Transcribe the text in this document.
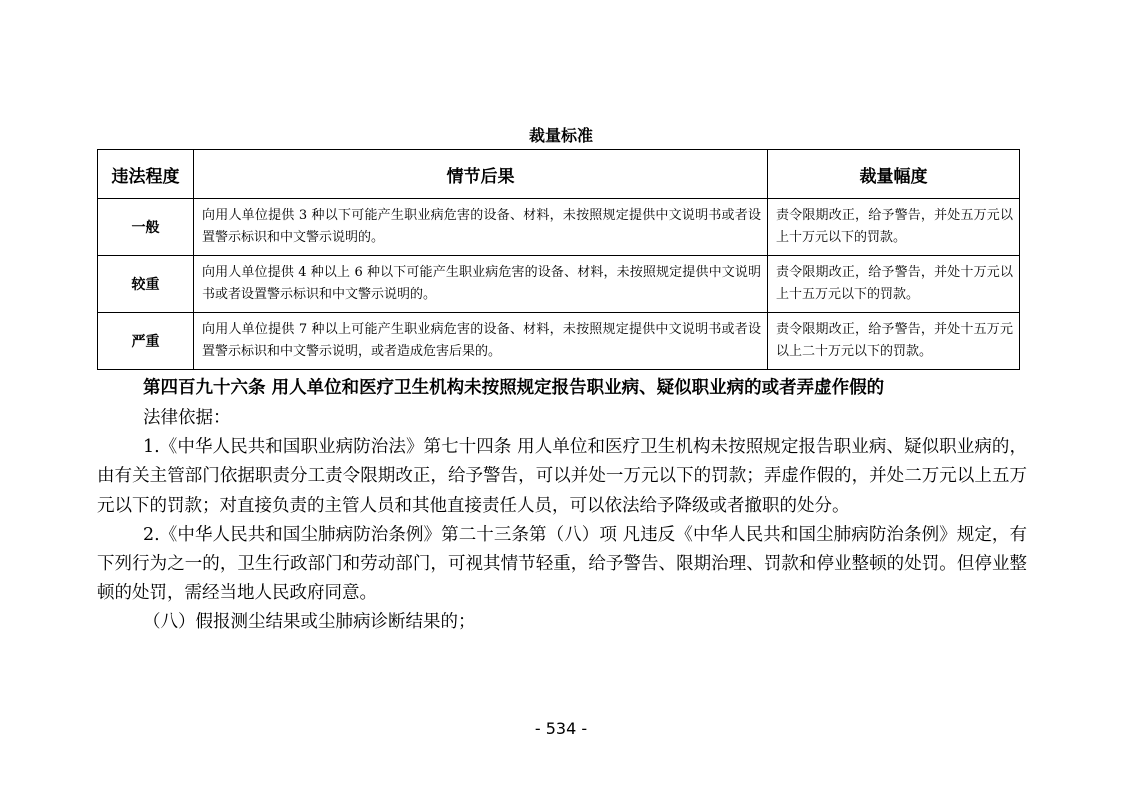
裁量标准
违法程度	情节后果	裁量幅度
一般	向用人单位提供 3 种以下可能产生职业病危害的设备、材料，未按照规定提供中文说明书或者设置警示标识和中文警示说明的。	责令限期改正，给予警告，并处五万元以上十万元以下的罚款。
较重	向用人单位提供 4 种以上 6 种以下可能产生职业病危害的设备、材料，未按照规定提供中文说明书或者设置警示标识和中文警示说明的。	责令限期改正，给予警告，并处十万元以上十五万元以下的罚款。
严重	向用人单位提供 7 种以上可能产生职业病危害的设备、材料，未按照规定提供中文说明书或者设置警示标识和中文警示说明，或者造成危害后果的。	责令限期改正，给予警告，并处十五万元以上二十万元以下的罚款。
第四百九十六条 用人单位和医疗卫生机构未按照规定报告职业病、疑似职业病的或者弄虚作假的

法律依据：

1.《中华人民共和国职业病防治法》第七十四条 用人单位和医疗卫生机构未按照规定报告职业病、疑似职业病的，由有关主管部门依据职责分工责令限期改正，给予警告，可以并处一万元以下的罚款；弄虚作假的，并处二万元以上五万元以下的罚款；对直接负责的主管人员和其他直接责任人员，可以依法给予降级或者撤职的处分。

2.《中华人民共和国尘肺病防治条例》第二十三条第（八）项 凡违反《中华人民共和国尘肺病防治条例》规定，有下列行为之一的，卫生行政部门和劳动部门，可视其情节轻重，给予警告、限期治理、罚款和停业整顿的处罚。但停业整顿的处罚，需经当地人民政府同意。

（八）假报测尘结果或尘肺病诊断结果的；

- 534 -
